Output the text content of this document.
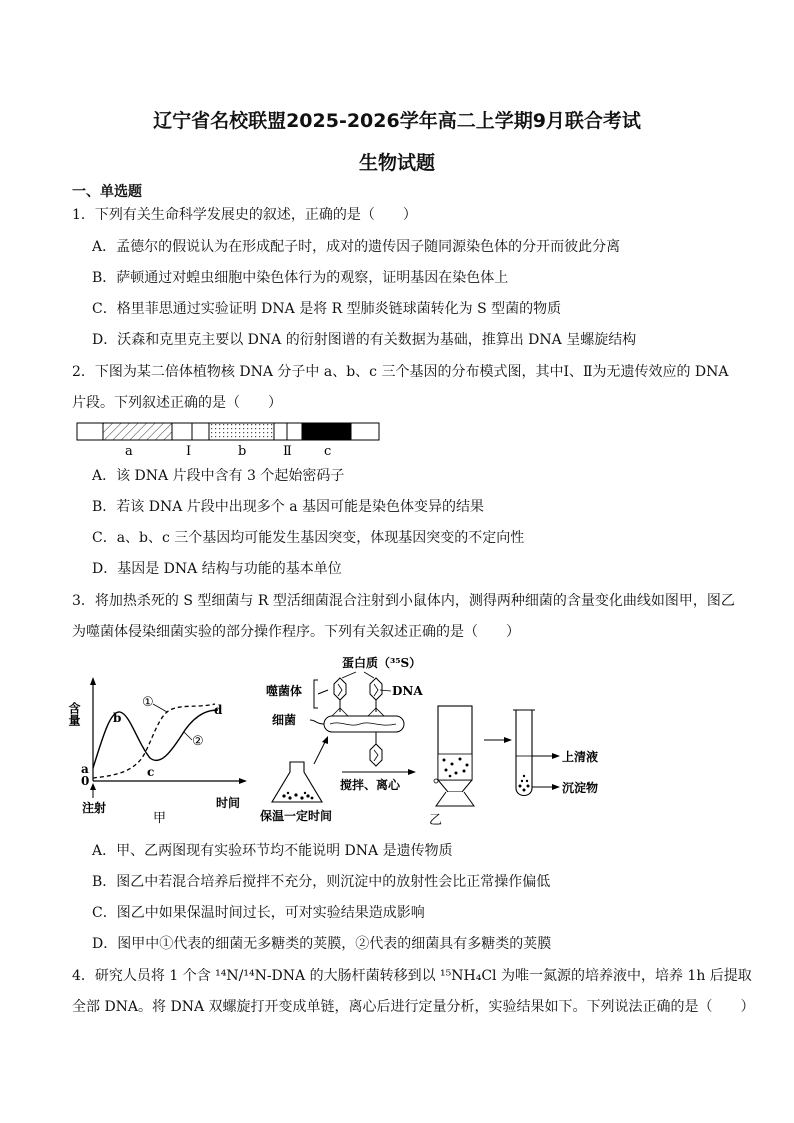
辽宁省名校联盟2025-2026学年高二上学期9月联合考试
生物试题
一、单选题
1．下列有关生命科学发展史的叙述，正确的是（　　）
A．孟德尔的假说认为在形成配子时，成对的遗传因子随同源染色体的分开而彼此分离
B．萨顿通过对蝗虫细胞中染色体行为的观察，证明基因在染色体上
C．格里菲思通过实验证明 DNA 是将 R 型肺炎链球菌转化为 S 型菌的物质
D．沃森和克里克主要以 DNA 的衍射图谱的有关数据为基础，推算出 DNA 呈螺旋结构
2．下图为某二倍体植物核 DNA 分子中 a、b、c 三个基因的分布模式图，其中Ⅰ、Ⅱ为无遗传效应的 DNA
片段。下列叙述正确的是（　　）
a	Ⅰ	b	Ⅱ c
A．该 DNA 片段中含有 3 个起始密码子
B．若该 DNA 片段中出现多个 a 基因可能是染色体变异的结果
C．a、b、c 三个基因均可能发生基因突变，体现基因突变的不定向性
D．基因是 DNA 结构与功能的基本单位
3．将加热杀死的 S 型细菌与 R 型活细菌混合注射到小鼠体内，测得两种细菌的含量变化曲线如图甲，图乙
为噬菌体侵染细菌实验的部分操作程序。下列有关叙述正确的是（　　）
含量
0
a
b
c
d
①
②
注射	时间
甲
蛋白质（³⁵S）
噬菌体	DNA
细菌
保温一定时间
搅拌、离心
上清液
沉淀物
乙
A．甲、乙两图现有实验环节均不能说明 DNA 是遗传物质
B．图乙中若混合培养后搅拌不充分，则沉淀中的放射性会比正常操作偏低
C．图乙中如果保温时间过长，可对实验结果造成影响
D．图甲中①代表的细菌无多糖类的荚膜，②代表的细菌具有多糖类的荚膜
4．研究人员将 1 个含 ¹⁴N/¹⁴N-DNA 的大肠杆菌转移到以 ¹⁵NH₄Cl 为唯一氮源的培养液中，培养 1h 后提取
全部 DNA。将 DNA 双螺旋打开变成单链，离心后进行定量分析，实验结果如下。下列说法正确的是（　　）
